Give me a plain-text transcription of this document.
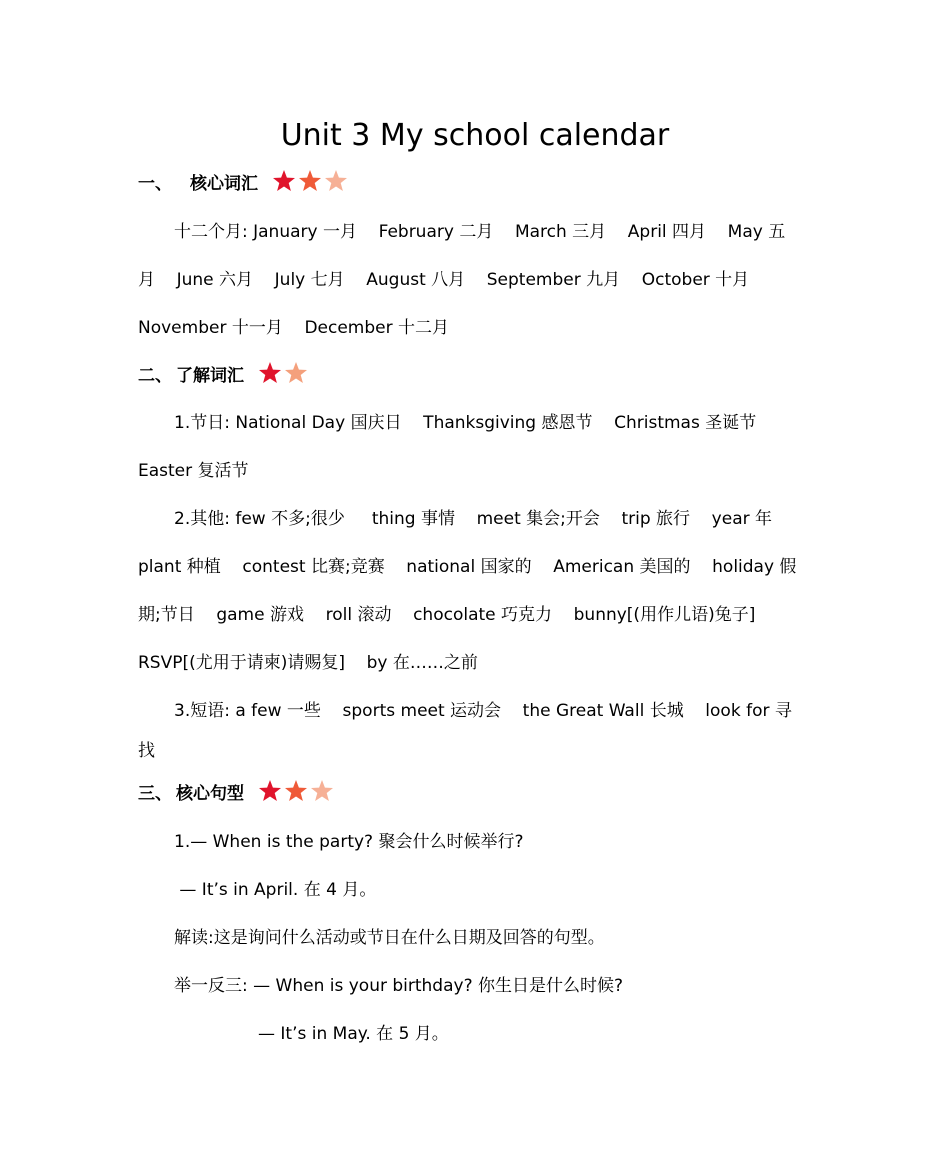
Unit 3 My school calendar
一、 核心词汇
十二个月: January 一月    February 二月    March 三月    April 四月    May 五
月    June 六月    July 七月    August 八月    September 九月    October 十月
November 十一月    December 十二月
二、 了解词汇
1.节日: National Day 国庆日    Thanksgiving 感恩节    Christmas 圣诞节
Easter 复活节
2.其他: few 不多;很少     thing 事情    meet 集会;开会    trip 旅行    year 年
plant 种植    contest 比赛;竞赛    national 国家的    American 美国的    holiday 假
期;节日    game 游戏    roll 滚动    chocolate 巧克力    bunny[(用作儿语)兔子]
RSVP[(尤用于请柬)请赐复]    by 在……之前
3.短语: a few 一些    sports meet 运动会    the Great Wall 长城    look for 寻
找
三、 核心句型
1.— When is the party? 聚会什么时候举行?
— It’s in April. 在 4 月。
解读:这是询问什么活动或节日在什么日期及回答的句型。
举一反三: — When is your birthday? 你生日是什么时候?
— It’s in May. 在 5 月。
